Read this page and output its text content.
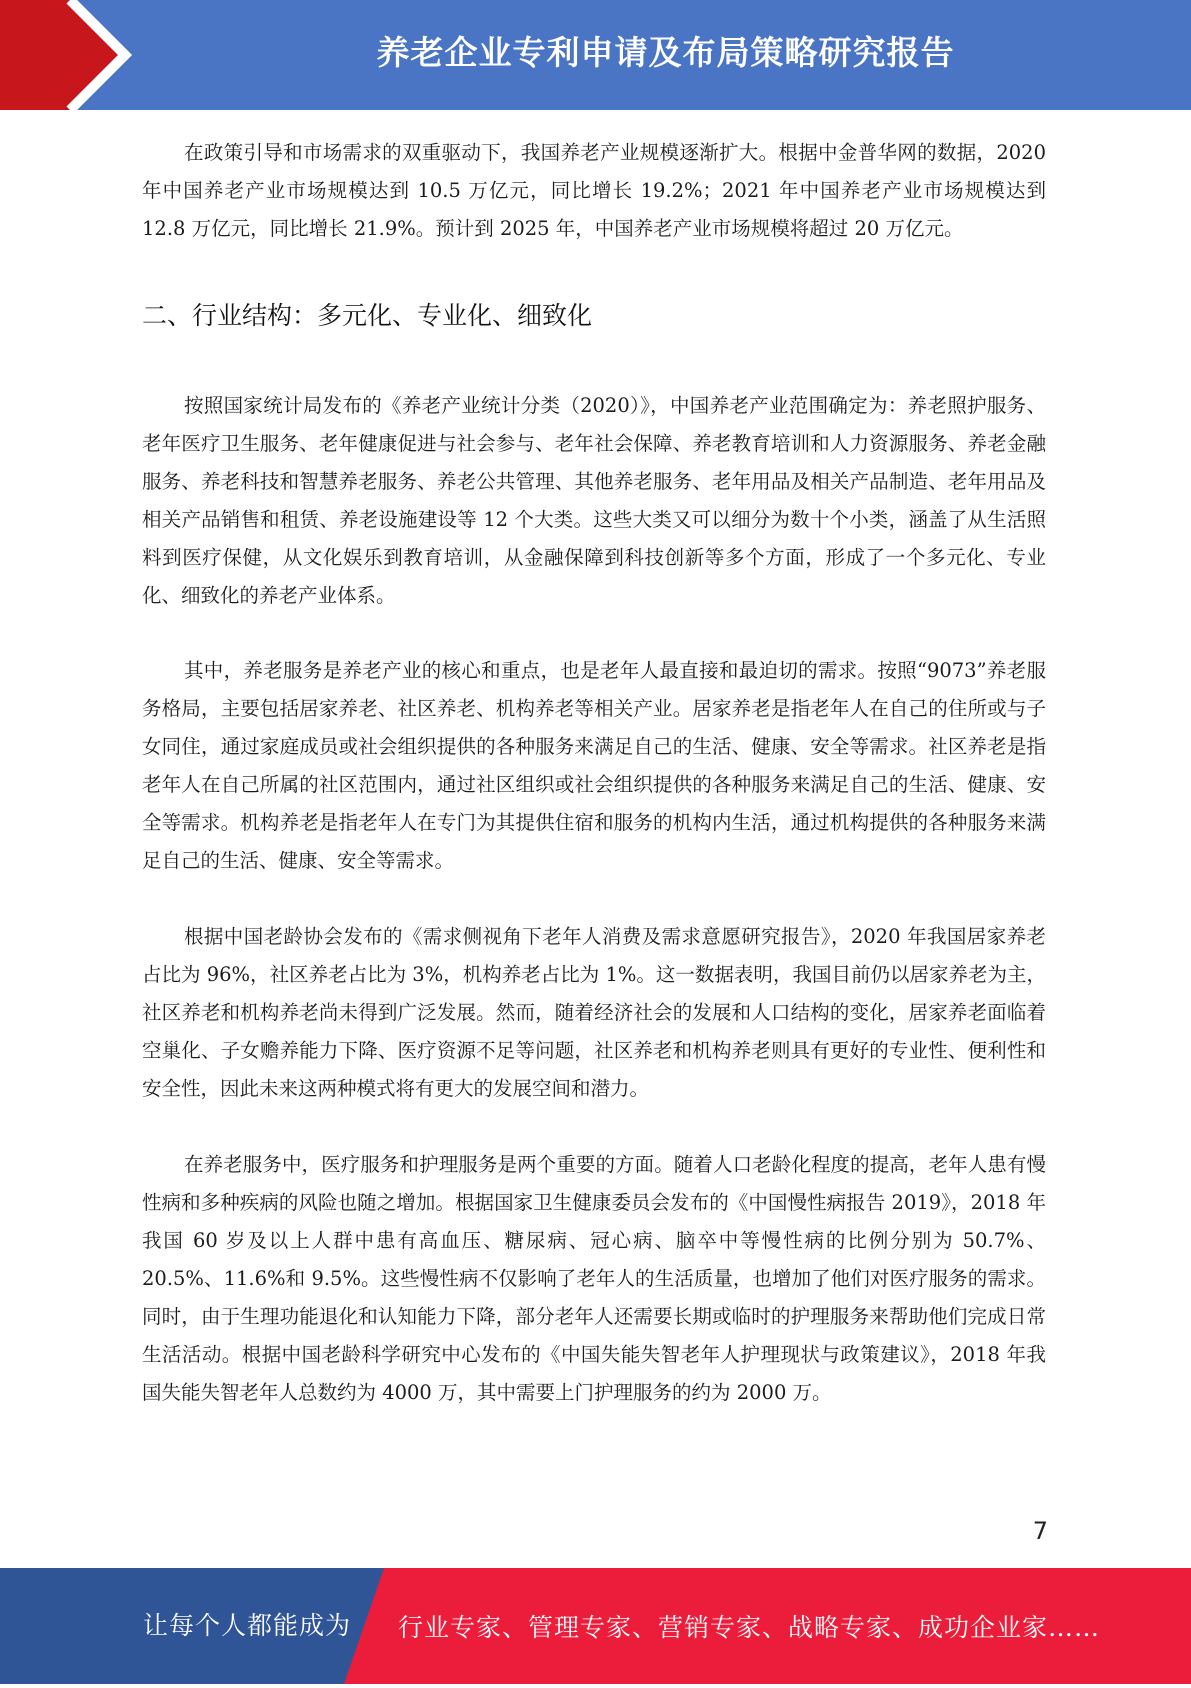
养老企业专利申请及布局策略研究报告

在政策引导和市场需求的双重驱动下，我国养老产业规模逐渐扩大。根据中金普华网的数据，2020 年中国养老产业市场规模达到 10.5 万亿元，同比增长 19.2%；2021 年中国养老产业市场规模达到 12.8 万亿元，同比增长 21.9%。预计到 2025 年，中国养老产业市场规模将超过 20 万亿元。

二、行业结构：多元化、专业化、细致化

按照国家统计局发布的《养老产业统计分类（2020）》，中国养老产业范围确定为：养老照护服务、老年医疗卫生服务、老年健康促进与社会参与、老年社会保障、养老教育培训和人力资源服务、养老金融服务、养老科技和智慧养老服务、养老公共管理、其他养老服务、老年用品及相关产品制造、老年用品及相关产品销售和租赁、养老设施建设等 12 个大类。这些大类又可以细分为数十个小类，涵盖了从生活照料到医疗保健，从文化娱乐到教育培训，从金融保障到科技创新等多个方面，形成了一个多元化、专业化、细致化的养老产业体系。

其中，养老服务是养老产业的核心和重点，也是老年人最直接和最迫切的需求。按照“9073”养老服务格局，主要包括居家养老、社区养老、机构养老等相关产业。居家养老是指老年人在自己的住所或与子女同住，通过家庭成员或社会组织提供的各种服务来满足自己的生活、健康、安全等需求。社区养老是指老年人在自己所属的社区范围内，通过社区组织或社会组织提供的各种服务来满足自己的生活、健康、安全等需求。机构养老是指老年人在专门为其提供住宿和服务的机构内生活，通过机构提供的各种服务来满足自己的生活、健康、安全等需求。

根据中国老龄协会发布的《需求侧视角下老年人消费及需求意愿研究报告》，2020 年我国居家养老占比为 96%，社区养老占比为 3%，机构养老占比为 1%。这一数据表明，我国目前仍以居家养老为主，社区养老和机构养老尚未得到广泛发展。然而，随着经济社会的发展和人口结构的变化，居家养老面临着空巢化、子女赡养能力下降、医疗资源不足等问题，社区养老和机构养老则具有更好的专业性、便利性和安全性，因此未来这两种模式将有更大的发展空间和潜力。

在养老服务中，医疗服务和护理服务是两个重要的方面。随着人口老龄化程度的提高，老年人患有慢性病和多种疾病的风险也随之增加。根据国家卫生健康委员会发布的《中国慢性病报告 2019》，2018 年我国 60 岁及以上人群中患有高血压、糖尿病、冠心病、脑卒中等慢性病的比例分别为 50.7%、20.5%、11.6%和 9.5%。这些慢性病不仅影响了老年人的生活质量，也增加了他们对医疗服务的需求。同时，由于生理功能退化和认知能力下降，部分老年人还需要长期或临时的护理服务来帮助他们完成日常生活活动。根据中国老龄科学研究中心发布的《中国失能失智老年人护理现状与政策建议》，2018 年我国失能失智老年人总数约为 4000 万，其中需要上门护理服务的约为 2000 万。

7
让每个人都能成为 行业专家、管理专家、营销专家、战略专家、成功企业家……
